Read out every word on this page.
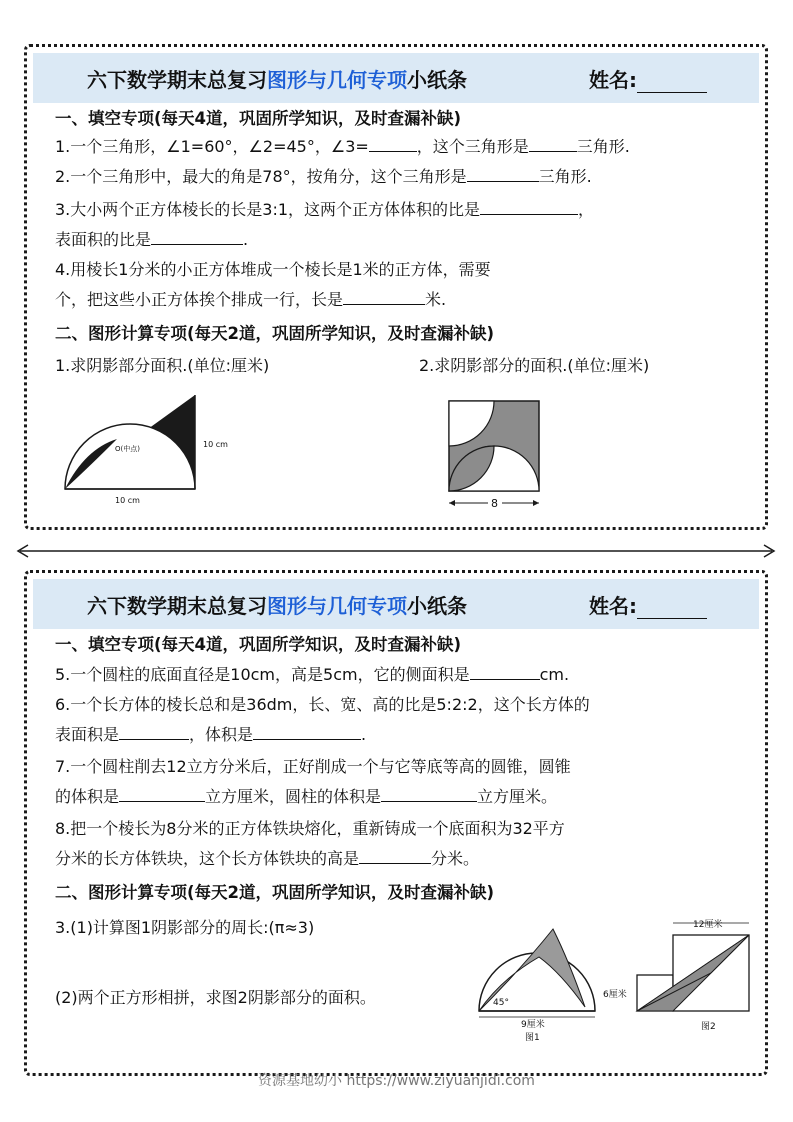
六下数学期末总复习 图形与几何专项 小纸条	姓名:
一、填空专项(每天4道，巩固所学知识，及时查漏补缺)
1.一个三角形，∠1=60°，∠2=45°，∠3=	，这个三角形是	三角形.
2.一个三角形中，最大的角是78°，按角分，这个三角形是	三角形.
3.大小两个正方体棱长的长是3:1，这两个正方体体积的比是	，
表面积的比是	.
4.用棱长1分米的小正方体堆成一个棱长是1米的正方体，需要
个，把这些小正方体挨个排成一行，长是	米.
二、图形计算专项(每天2道，巩固所学知识，及时查漏补缺)
1.求阴影部分面积.(单位:厘米)	2.求阴影部分的面积.(单位:厘米)
10 cm
10 cm
O(中点)
8
六下数学期末总复习 图形与几何专项 小纸条	姓名:
一、填空专项(每天4道，巩固所学知识，及时查漏补缺)
5.一个圆柱的底面直径是10cm，高是5cm，它的侧面积是	cm.
6.一个长方体的棱长总和是36dm，长、宽、高的比是5:2:2，这个长方体的
表面积是	，体积是	.
7.一个圆柱削去12立方分米后，正好削成一个与它等底等高的圆锥，圆锥
的体积是	立方厘米，圆柱的体积是	立方厘米。
8.把一个棱长为8分米的正方体铁块熔化，重新铸成一个底面积为32平方
分米的长方体铁块，这个长方体铁块的高是	分米。
二、图形计算专项(每天2道，巩固所学知识，及时查漏补缺)
3.(1)计算图1阴影部分的周长:(π≈3)
(2)两个正方形相拼，求图2阴影部分的面积。	45°
9厘米
图1
12厘米
6厘米
图2
资源基地幼小 https://www.ziyuanjidi.com
